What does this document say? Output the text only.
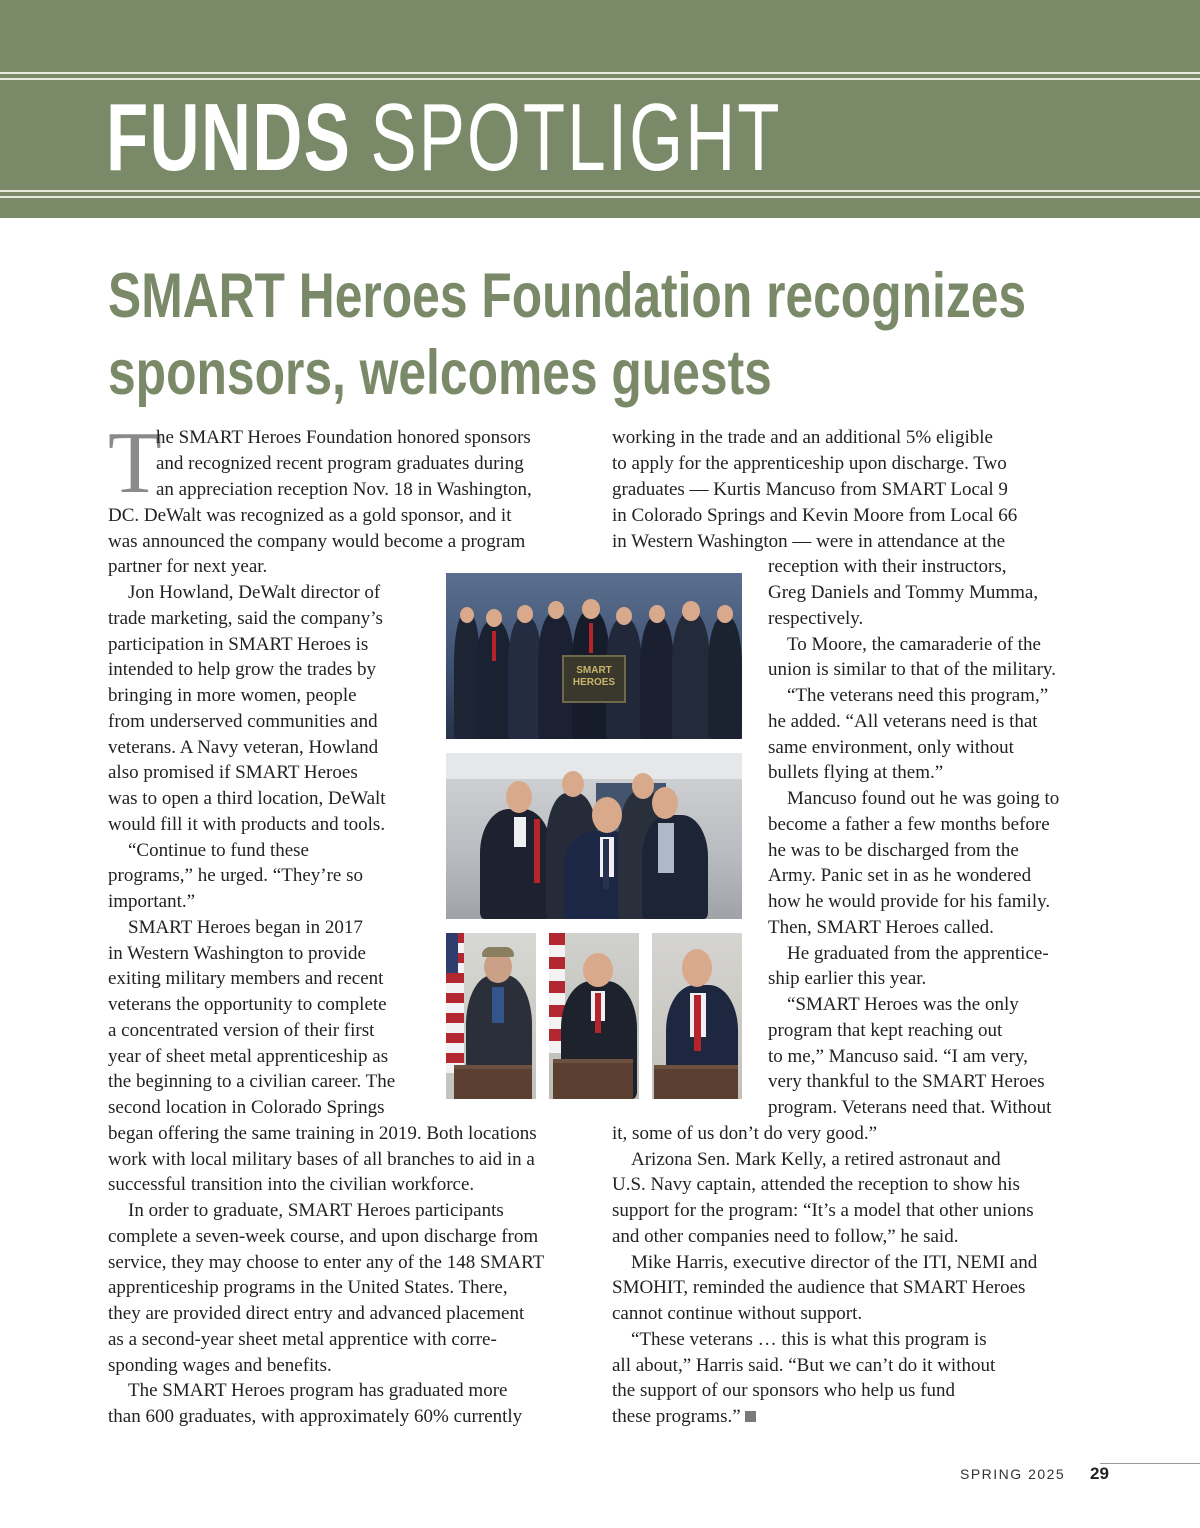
FUNDS SPOTLIGHT
SMART Heroes Foundation recognizes
sponsors, welcomes guests
T
he SMART Heroes Foundation honored sponsors
and recognized recent program graduates during
an appreciation reception Nov. 18 in Washington,
DC. DeWalt was recognized as a gold sponsor, and it
was announced the company would become a program
partner for next year.
Jon Howland, DeWalt director of
trade marketing, said the company’s
participation in SMART Heroes is
intended to help grow the trades by
bringing in more women, people
from underserved communities and
veterans. A Navy veteran, Howland
also promised if SMART Heroes
was to open a third location, DeWalt
would fill it with products and tools.
“Continue to fund these
programs,” he urged. “They’re so
important.”
SMART Heroes began in 2017
in Western Washington to provide
exiting military members and recent
veterans the opportunity to complete
a concentrated version of their first
year of sheet metal apprenticeship as
the beginning to a civilian career. The
second location in Colorado Springs
began offering the same training in 2019. Both locations
work with local military bases of all branches to aid in a
successful transition into the civilian workforce.
In order to graduate, SMART Heroes participants
complete a seven-week course, and upon discharge from
service, they may choose to enter any of the 148 SMART
apprenticeship programs in the United States. There,
they are provided direct entry and advanced placement
as a second-year sheet metal apprentice with corre-
sponding wages and benefits.
The SMART Heroes program has graduated more
than 600 graduates, with approximately 60% currently
working in the trade and an additional 5% eligible
to apply for the apprenticeship upon discharge. Two
graduates — Kurtis Mancuso from SMART Local 9
in Colorado Springs and Kevin Moore from Local 66
in Western Washington — were in attendance at the
reception with their instructors,
Greg Daniels and Tommy Mumma,
respectively.
To Moore, the camaraderie of the
union is similar to that of the military.
“The veterans need this program,”
he added. “All veterans need is that
same environment, only without
bullets flying at them.”
Mancuso found out he was going to
become a father a few months before
he was to be discharged from the
Army. Panic set in as he wondered
how he would provide for his family.
Then, SMART Heroes called.
He graduated from the apprentice-
ship earlier this year.
“SMART Heroes was the only
program that kept reaching out
to me,” Mancuso said. “I am very,
very thankful to the SMART Heroes
program. Veterans need that. Without
it, some of us don’t do very good.”
Arizona Sen. Mark Kelly, a retired astronaut and
U.S. Navy captain, attended the reception to show his
support for the program: “It’s a model that other unions
and other companies need to follow,” he said.
Mike Harris, executive director of the ITI, NEMI and
SMOHIT, reminded the audience that SMART Heroes
cannot continue without support.
“These veterans … this is what this program is
all about,” Harris said. “But we can’t do it without
the support of our sponsors who help us fund
these programs.”
SMART
HEROES
SPRING 2025 29
